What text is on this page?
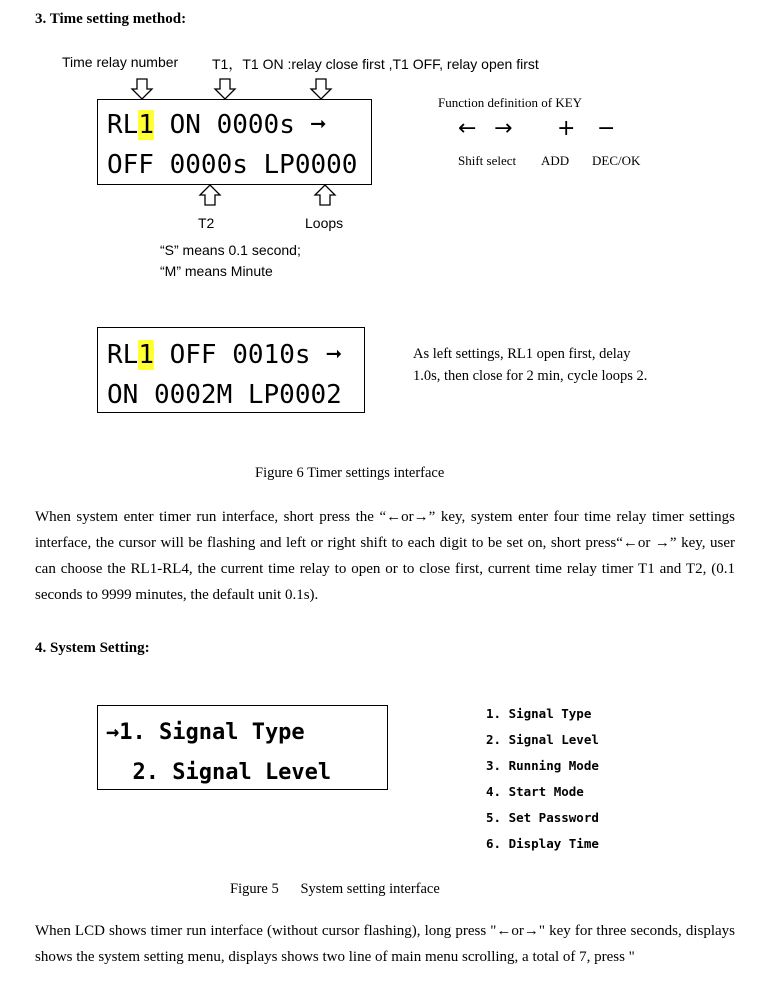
3. Time setting method:
Time relay number T1，T1 ON :relay close first ,T1 OFF, relay open first
RL1 ON 0000s ➞
OFF 0000s LP0000
T2	Loops
“S” means 0.1 second;
“M” means Minute
Function definition of KEY
← → + −
Shift select ADD DEC/OK
RL1 OFF 0010s ➞
ON 0002M LP0002
As left settings, RL1 open first, delay
1.0s, then close for 2 min, cycle loops 2.
Figure 6 Timer settings interface
When system enter timer run interface, short press the “←or→” key, system enter four time relay timer settings interface, the cursor will be flashing and left or right shift to each digit to be set on, short press“←or →” key, user can choose the RL1-RL4, the current time relay to open or to close first, current time relay timer T1 and T2, (0.1 seconds to 9999 minutes, the default unit 0.1s).
4. System Setting:
→1. Signal Type
2. Signal Level
1. Signal Type
2. Signal Level
3. Running Mode
4. Start Mode
5. Set Password
6. Display Time
Figure 5      System setting interface
When LCD shows timer run interface (without cursor flashing), long press "←or→" key for three seconds, displays shows the system setting menu, displays shows two line of main menu scrolling, a total of 7, press "
